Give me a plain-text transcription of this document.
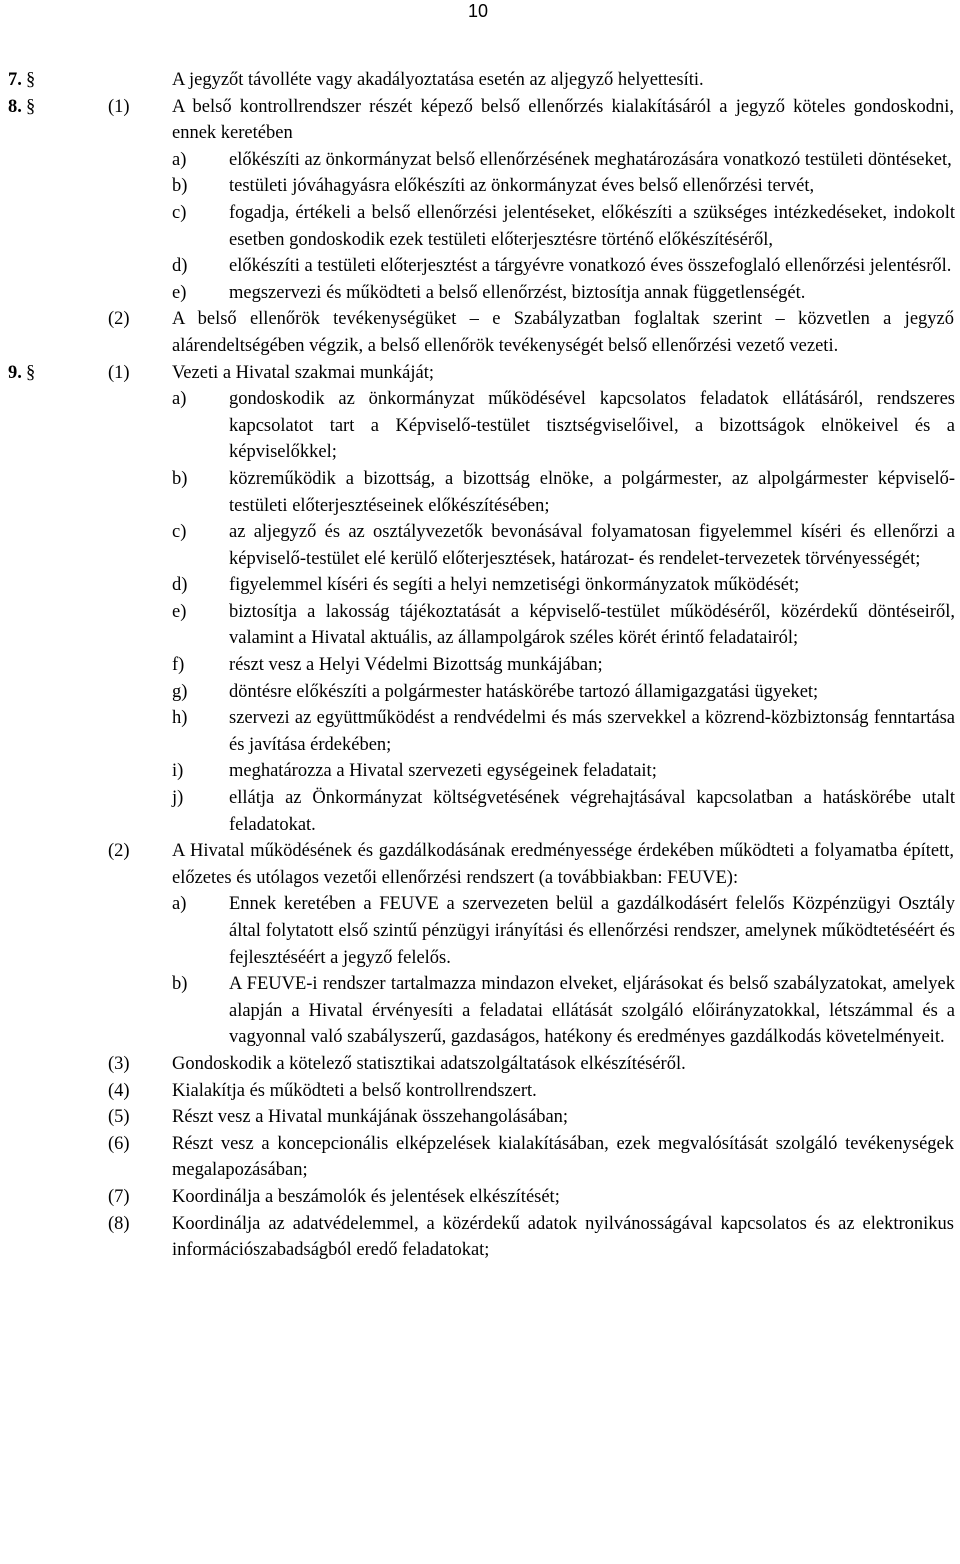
10
7. §	A jegyzőt távolléte vagy akadályoztatása esetén az aljegyző helyettesíti.
8. §	(1) A belső kontrollrendszer részét képező belső ellenőrzés kialakításáról a jegyző köteles gondoskodni, ennek keretében
a) előkészíti az önkormányzat belső ellenőrzésének meghatározására vonatkozó testületi döntéseket,
b) testületi jóváhagyásra előkészíti az önkormányzat éves belső ellenőrzési tervét,
c) fogadja, értékeli a belső ellenőrzési jelentéseket, előkészíti a szükséges intézkedéseket, indokolt esetben gondoskodik ezek testületi előterjesztésre történő előkészítéséről,
d) előkészíti a testületi előterjesztést a tárgyévre vonatkozó éves összefoglaló ellenőrzési jelentésről.
e) megszervezi és működteti a belső ellenőrzést, biztosítja annak függetlenségét.
(2) A belső ellenőrök tevékenységüket – e Szabályzatban foglaltak szerint – közvetlen a jegyző alárendeltségében végzik, a belső ellenőrök tevékenységét belső ellenőrzési vezető vezeti.
9. §	(1) Vezeti a Hivatal szakmai munkáját;
a) gondoskodik az önkormányzat működésével kapcsolatos feladatok ellátásáról, rendszeres kapcsolatot tart a Képviselő-testület tisztségviselőivel, a bizottságok elnökeivel és a képviselőkkel;
b) közreműködik a bizottság, a bizottság elnöke, a polgármester, az alpolgármester képviselő-testületi előterjesztéseinek előkészítésében;
c) az aljegyző és az osztályvezetők bevonásával folyamatosan figyelemmel kíséri és ellenőrzi a képviselő-testület elé kerülő előterjesztések, határozat- és rendelet-tervezetek törvényességét;
d) figyelemmel kíséri és segíti a helyi nemzetiségi önkormányzatok működését;
e) biztosítja a lakosság tájékoztatását a képviselő-testület működéséről, közérdekű döntéseiről, valamint a Hivatal aktuális, az állampolgárok széles körét érintő feladatairól;
f) részt vesz a Helyi Védelmi Bizottság munkájában;
g) döntésre előkészíti a polgármester hatáskörébe tartozó államigazgatási ügyeket;
h) szervezi az együttműködést a rendvédelmi és más szervekkel a közrend-közbiztonság fenntartása és javítása érdekében;
i) meghatározza a Hivatal szervezeti egységeinek feladatait;
j) ellátja az Önkormányzat költségvetésének végrehajtásával kapcsolatban a hatáskörébe utalt feladatokat.
(2) A Hivatal működésének és gazdálkodásának eredményessége érdekében működteti a folyamatba épített, előzetes és utólagos vezetői ellenőrzési rendszert (a továbbiakban: FEUVE):
a) Ennek keretében a FEUVE a szervezeten belül a gazdálkodásért felelős Közpénzügyi Osztály által folytatott első szintű pénzügyi irányítási és ellenőrzési rendszer, amelynek működtetéséért és fejlesztéséért a jegyző felelős.
b) A FEUVE-i rendszer tartalmazza mindazon elveket, eljárásokat és belső szabályzatokat, amelyek alapján a Hivatal érvényesíti a feladatai ellátását szolgáló előirányzatokkal, létszámmal és a vagyonnal való szabályszerű, gazdaságos, hatékony és eredményes gazdálkodás követelményeit.
(3) Gondoskodik a kötelező statisztikai adatszolgáltatások elkészítéséről.
(4) Kialakítja és működteti a belső kontrollrendszert.
(5) Részt vesz a Hivatal munkájának összehangolásában;
(6) Részt vesz a koncepcionális elképzelések kialakításában, ezek megvalósítását szolgáló tevékenységek megalapozásában;
(7) Koordinálja a beszámolók és jelentések elkészítését;
(8) Koordinálja az adatvédelemmel, a közérdekű adatok nyilvánosságával kapcsolatos és az elektronikus információszabadságból eredő feladatokat;
